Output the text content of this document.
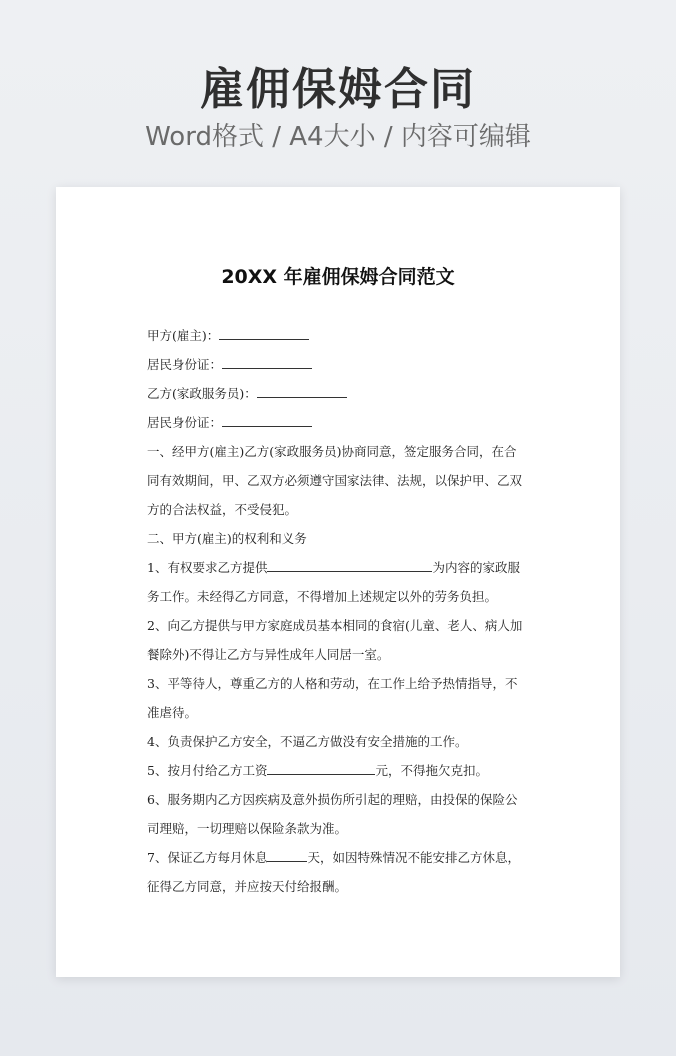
雇佣保姆合同
Word格式 / A4大小 / 内容可编辑
20XX 年雇佣保姆合同范文
甲方(雇主)：
居民身份证：
乙方(家政服务员)：
居民身份证：
一、经甲方(雇主)乙方(家政服务员)协商同意，签定服务合同，在合
同有效期间，甲、乙双方必须遵守国家法律、法规，以保护甲、乙双
方的合法权益，不受侵犯。
二、甲方(雇主)的权利和义务
1、有权要求乙方提供	为内容的家政服
务工作。未经得乙方同意，不得增加上述规定以外的劳务负担。
2、向乙方提供与甲方家庭成员基本相同的食宿(儿童、老人、病人加
餐除外)不得让乙方与异性成年人同居一室。
3、平等待人，尊重乙方的人格和劳动，在工作上给予热情指导，不
准虐待。
4、负责保护乙方安全，不逼乙方做没有安全措施的工作。
5、按月付给乙方工资	元，不得拖欠克扣。
6、服务期内乙方因疾病及意外损伤所引起的理赔，由投保的保险公
司理赔，一切理赔以保险条款为准。
7、保证乙方每月休息	天，如因特殊情况不能安排乙方休息，
征得乙方同意，并应按天付给报酬。
